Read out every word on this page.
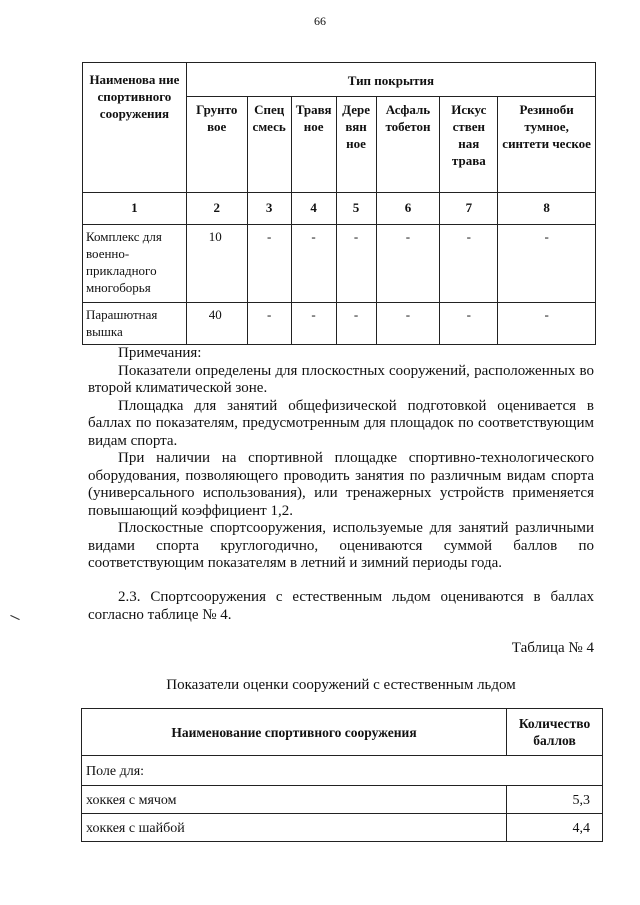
66
Наименова ние спортивного сооружения	Тип покрытия						
	Грунто вое	Спец смесь	Травя ное	Дере вян ное	Асфаль тобетон	Искус ствен ная трава	Резиноби тумное, синтети ческое
1	2	3	4	5	6	7	8
Комплекс для военно-прикладного многоборья	10	-	-	-	-	-	-
Парашютная вышка	40	-	-	-	-	-	-

Примечания:

Показатели определены для плоскостных сооружений, расположенных во второй климатической зоне.

Площадка для занятий общефизической подготовкой оценивается в баллах по показателям, предусмотренным для площадок по соответствующим видам спорта.

При наличии на спортивной площадке спортивно-технологического оборудования, позволяющего проводить занятия по различным видам спорта (универсального использования), или тренажерных устройств применяется повышающий коэффициент 1,2.

Плоскостные спортсооружения, используемые для занятий различными видами спорта круглогодично, оцениваются суммой баллов по соответствующим показателям в летний и зимний периоды года.

2.3. Спортсооружения с естественным льдом оцениваются в баллах согласно таблице № 4.

Таблица № 4
Показатели оценки сооружений с естественным льдом
Наименование спортивного сооружения	Количество баллов
Поле для:	
хоккея с мячом	5,3
хоккея с шайбой	4,4
